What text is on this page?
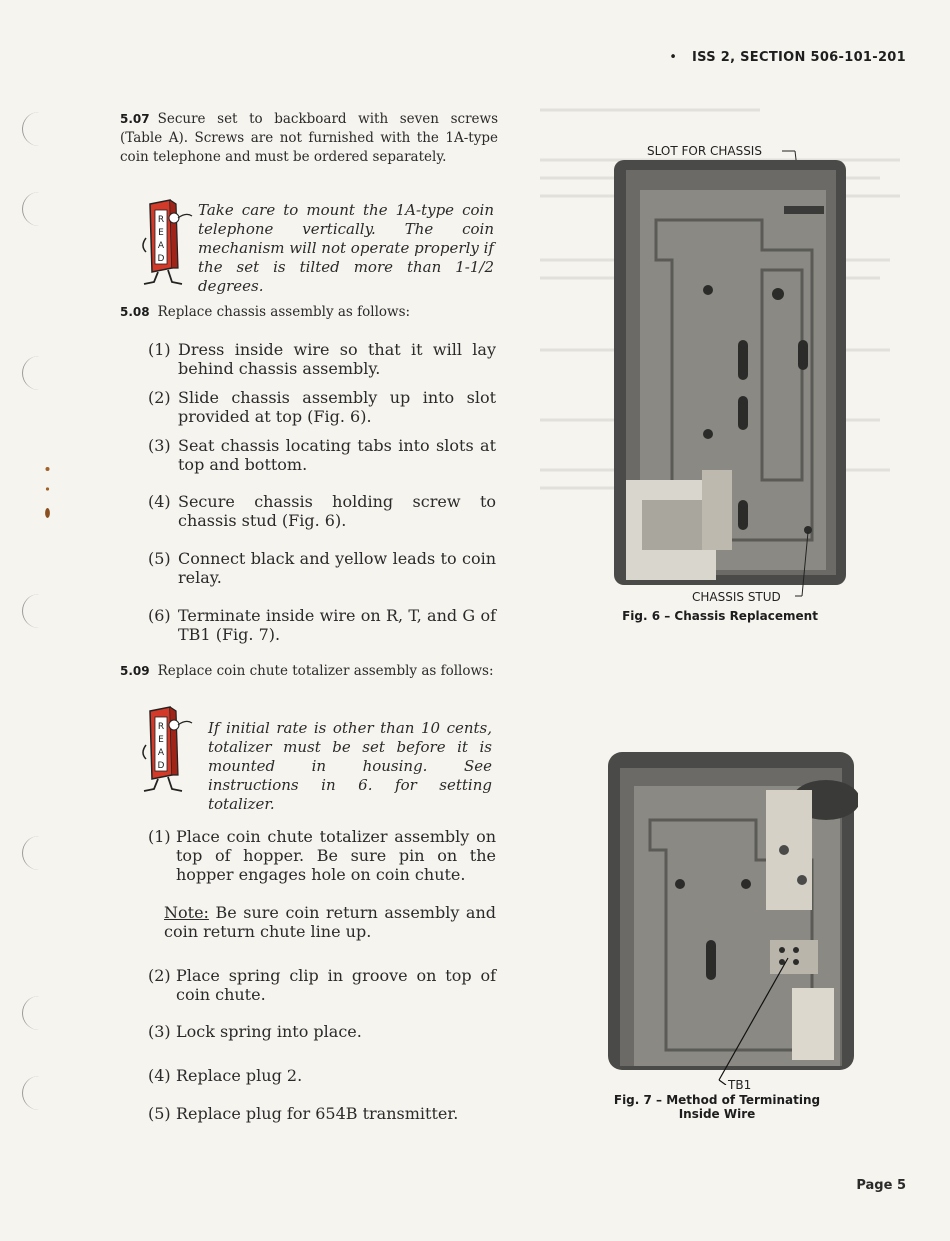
• ISS 2, SECTION 506-101-201
5.07 Secure set to backboard with seven screws (Table A). Screws are not furnished with the 1A-type coin telephone and must be ordered separately.
R
E
A
D
Take care to mount the 1A-type coin telephone vertically. The coin mechanism will not operate properly if the set is tilted more than 1-1/2 degrees.
5.08 Replace chassis assembly as follows:
(1) Dress inside wire so that it will lay behind chassis assembly.
(2) Slide chassis assembly up into slot provided at top (Fig. 6).
(3) Seat chassis locating tabs into slots at top and bottom.
(4) Secure chassis holding screw to chassis stud (Fig. 6).
(5) Connect black and yellow leads to coin relay.
(6) Terminate inside wire on R, T, and G of TB1 (Fig. 7).
5.09 Replace coin chute totalizer assembly as follows:
R
E
A
D
If initial rate is other than 10 cents, totalizer must be set before it is mounted in housing. See instructions in 6. for setting totalizer.
(1) Place coin chute totalizer assembly on top of hopper. Be sure pin on the hopper engages hole on coin chute.
Note: Be sure coin return assembly and coin return chute line up.
(2) Place spring clip in groove on top of coin chute.
(3) Lock spring into place.
(4) Replace plug 2.
(5) Replace plug for 654B transmitter.
SLOT FOR CHASSIS
CHASSIS STUD
Fig. 6 – Chassis Replacement
TB1
Fig. 7 – Method of Terminating
Inside Wire
Page 5
